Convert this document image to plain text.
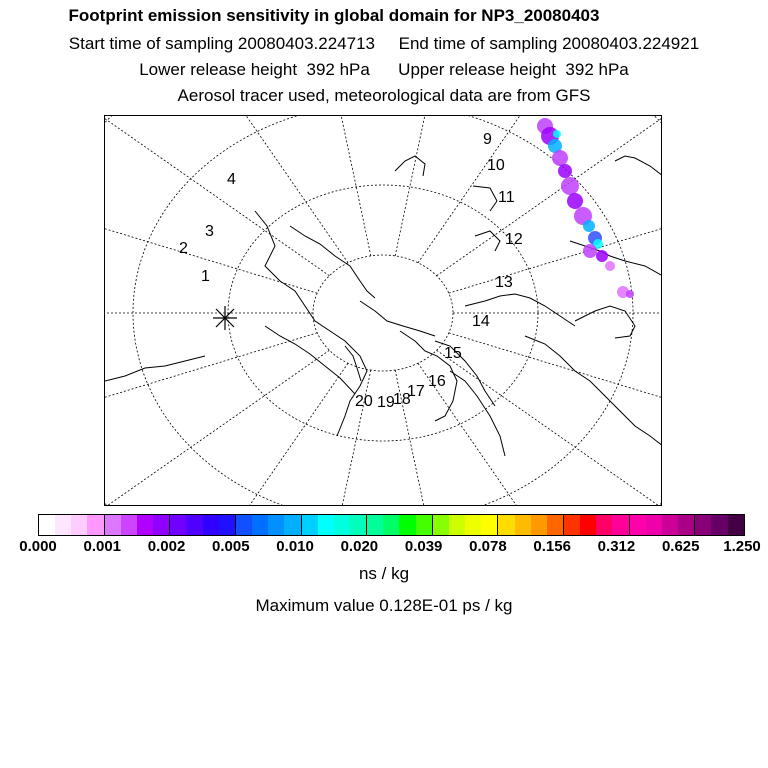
Footprint emission sensitivity in global domain for NP3_20080403
Start time of sampling 20080403.224713     End time of sampling 20080403.224921
Lower release height  392 hPa      Upper release height  392 hPa
Aerosol tracer used, meteorological data are from GFS
1
2
3
4
9
10
11
12
13
14
15
16
17
18
19
20
0.000 0.001 0.002 0.005 0.010 0.020 0.039 0.078 0.156 0.312 0.625 1.250
ns / kg
Maximum value 0.128E-01 ps / kg
